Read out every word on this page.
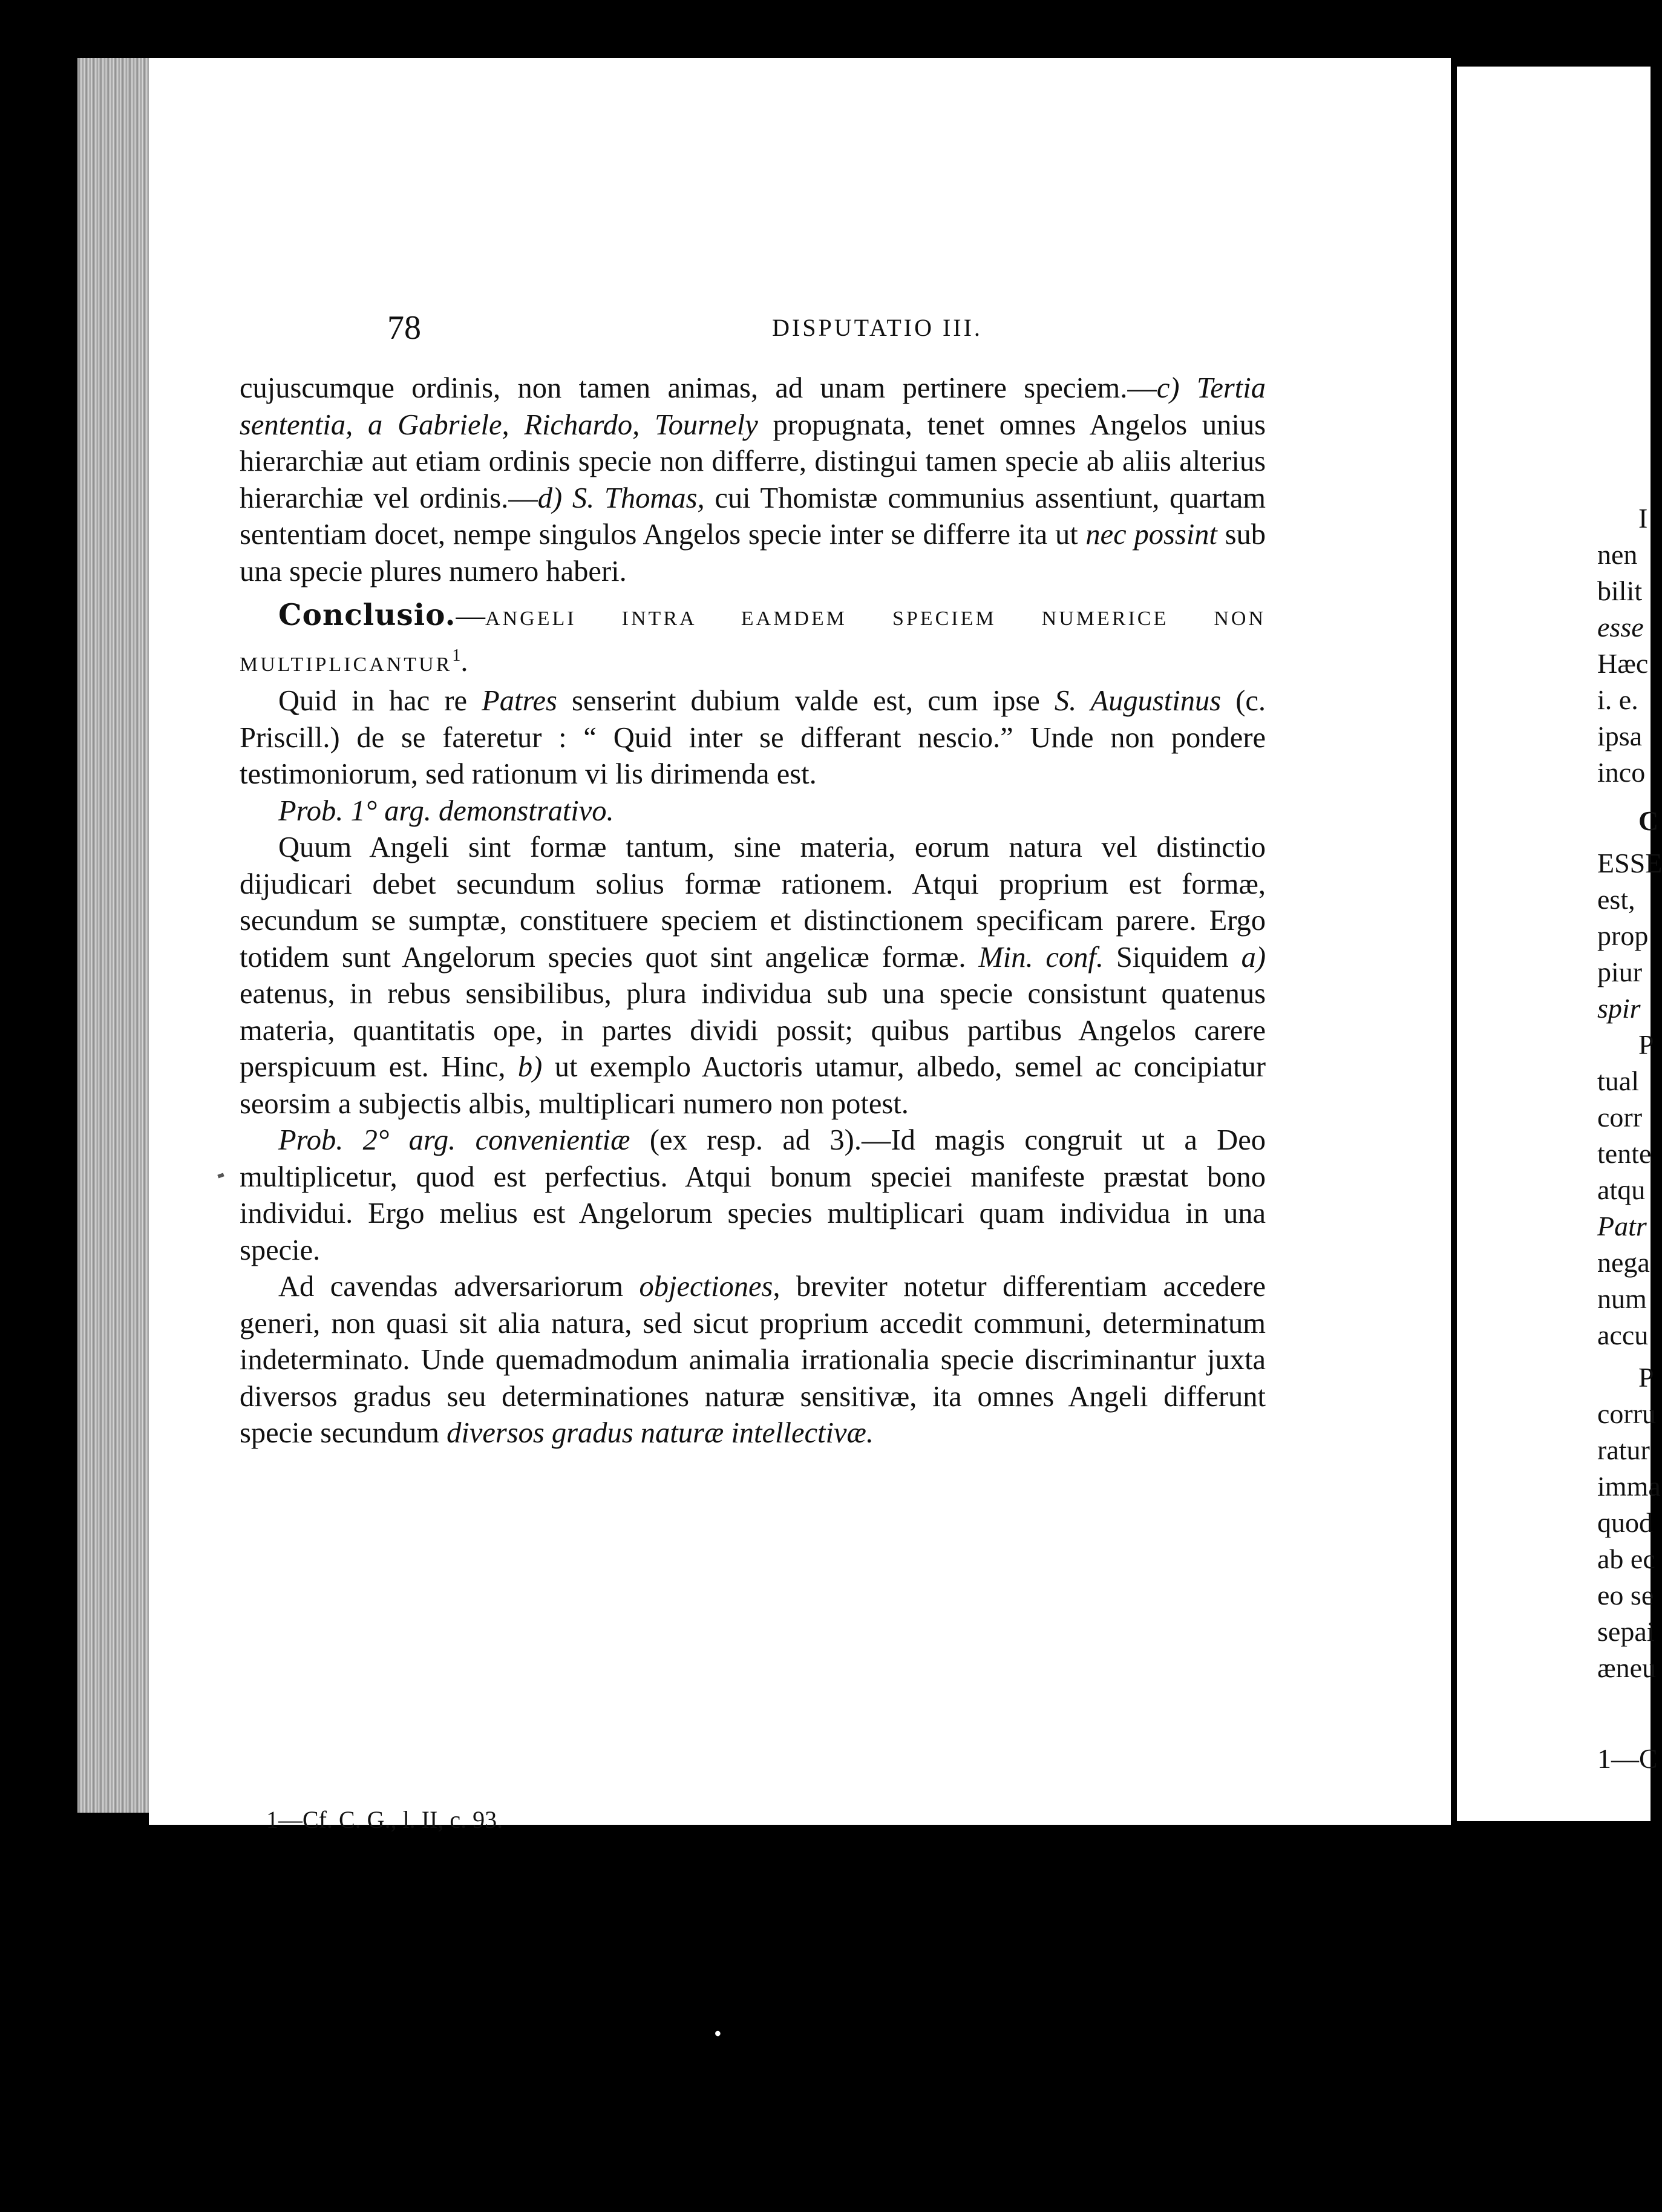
I
nen
bilit
esse
Hæc
i. e.
ipsa
inco
C
ESSE
est,
prop
piur
spir
P
tual
corr
tente
atqu
Patr
nega
num
accu
P
corru
ratur
imma
quod
ab ec
eo se
sepai
æneu
1—C
78	DISPUTATIO III.

cujuscumque ordinis, non tamen animas, ad unam pertinere speciem.—c) Tertia sententia, a Gabriele, Richardo, Tournely propugnata, tenet omnes Angelos unius hierarchiæ aut etiam ordinis specie non differre, distingui tamen specie ab aliis alterius hierarchiæ vel ordinis.—d) S. Thomas, cui Thomistæ communius assentiunt, quartam sententiam docet, nempe singulos Angelos specie inter se differre ita ut nec possint sub una specie plures numero haberi.

Conclusio.—ANGELI INTRA EAMDEM SPECIEM NUMERICE NON MULTIPLICANTUR$^1$.

Quid in hac re Patres senserint dubium valde est, cum ipse S. Augustinus (c. Priscill.) de se fateretur : “ Quid inter se differant nescio.” Unde non pondere testimoniorum, sed rationum vi lis dirimenda est.

Prob. 1° arg. demonstrativo.

Quum Angeli sint formæ tantum, sine materia, eorum natura vel distinctio dijudicari debet secundum solius formæ rationem. Atqui proprium est formæ, secundum se sumptæ, constituere speciem et distinctionem specificam parere. Ergo totidem sunt Angelorum species quot sint angelicæ formæ. Min. conf. Siquidem a) eatenus, in rebus sensibilibus, plura individua sub una specie consistunt quatenus materia, quantitatis ope, in partes dividi possit; quibus partibus Angelos carere perspicuum est. Hinc, b) ut exemplo Auctoris utamur, albedo, semel ac concipiatur seorsim a subjectis albis, multiplicari numero non potest.

Prob. 2° arg. convenientiæ (ex resp. ad 3).—Id magis congruit ut a Deo multiplicetur, quod est perfectius. Atqui bonum speciei manifeste præstat bono individui. Ergo melius est Angelorum species multiplicari quam individua in una specie.

Ad cavendas adversariorum objectiones, breviter notetur differentiam accedere generi, non quasi sit alia natura, sed sicut proprium accedit communi, determinatum indeterminato. Unde quemadmodum animalia irrationalia specie discriminantur juxta diversos gradus seu determinationes naturæ sensitivæ, ita omnes Angeli differunt specie secundum diversos gradus naturæ intellectivæ.

1—Cf. C. G., l. II, c. 93.
•
